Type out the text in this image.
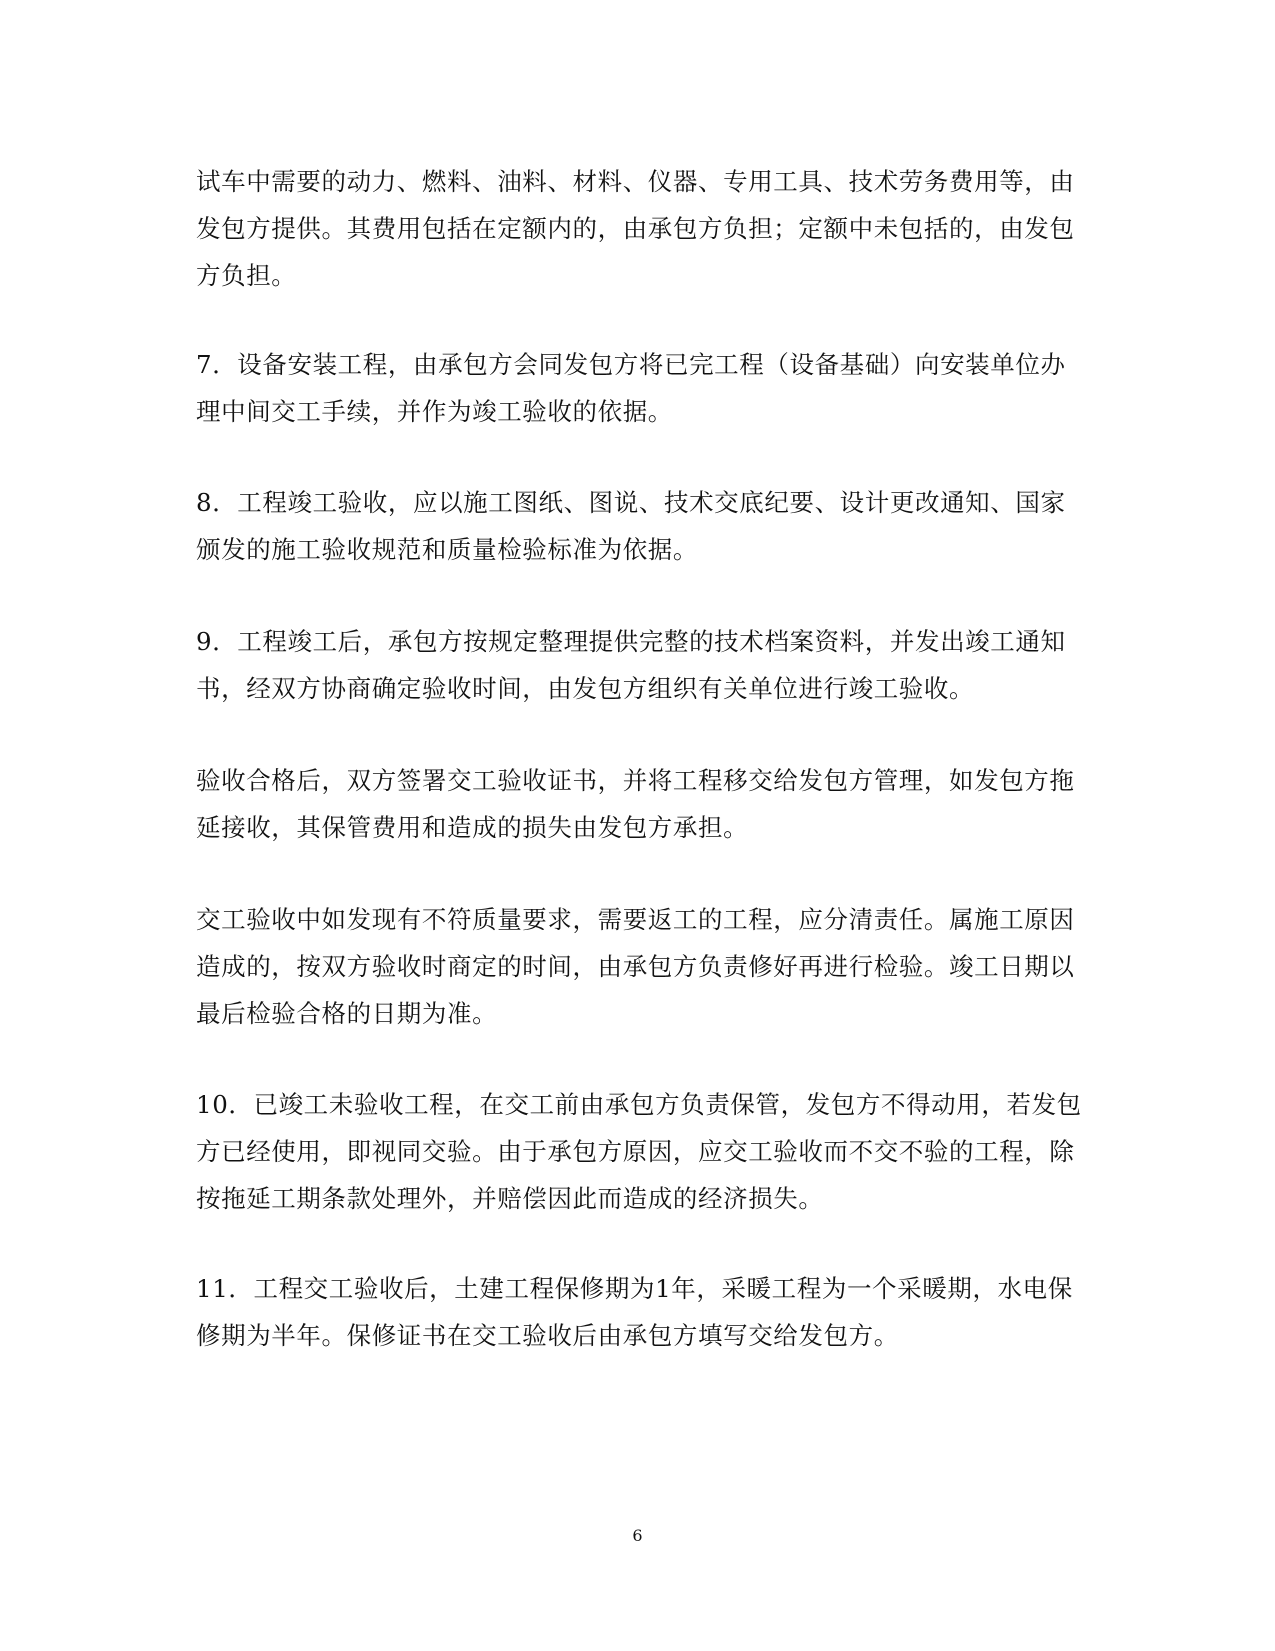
试车中需要的动力、燃料、油料、材料、仪器、专用工具、技术劳务费用等，由
发包方提供。其费用包括在定额内的，由承包方负担；定额中未包括的，由发包
方负担。
7．设备安装工程，由承包方会同发包方将已完工程（设备基础）向安装单位办
理中间交工手续，并作为竣工验收的依据。
8．工程竣工验收，应以施工图纸、图说、技术交底纪要、设计更改通知、国家
颁发的施工验收规范和质量检验标准为依据。
9．工程竣工后，承包方按规定整理提供完整的技术档案资料，并发出竣工通知
书，经双方协商确定验收时间，由发包方组织有关单位进行竣工验收。
验收合格后，双方签署交工验收证书，并将工程移交给发包方管理，如发包方拖
延接收，其保管费用和造成的损失由发包方承担。
交工验收中如发现有不符质量要求，需要返工的工程，应分清责任。属施工原因
造成的，按双方验收时商定的时间，由承包方负责修好再进行检验。竣工日期以
最后检验合格的日期为准。
10．已竣工未验收工程，在交工前由承包方负责保管，发包方不得动用，若发包
方已经使用，即视同交验。由于承包方原因，应交工验收而不交不验的工程，除
按拖延工期条款处理外，并赔偿因此而造成的经济损失。
11．工程交工验收后，土建工程保修期为1年，采暖工程为一个采暖期，水电保
修期为半年。保修证书在交工验收后由承包方填写交给发包方。
6
